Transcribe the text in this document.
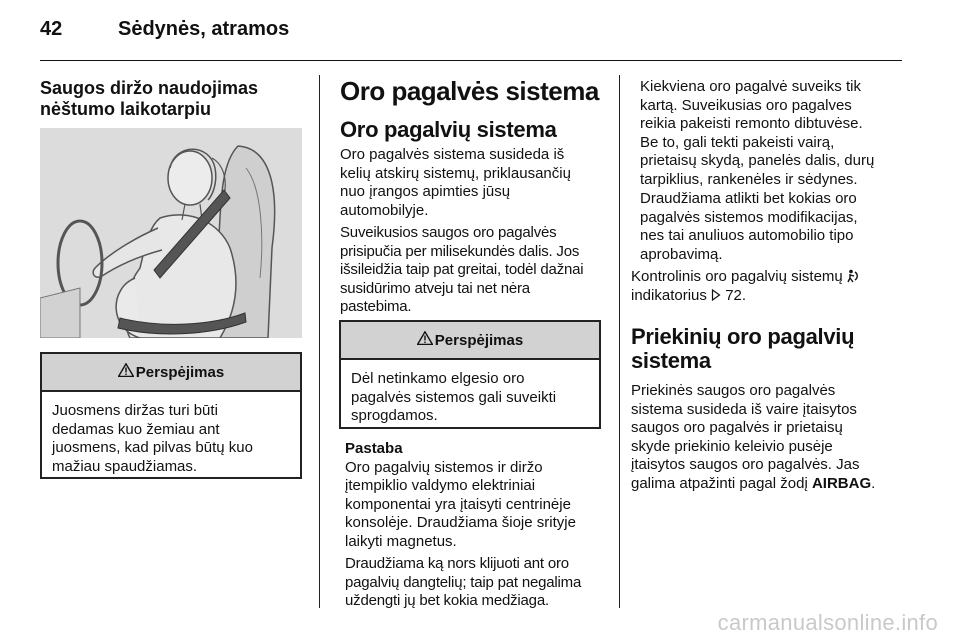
42	Sėdynės, atramos
Saugos diržo naudojimas
nėštumo laikotarpiu
Perspėjimas
Juosmens diržas turi būti
dedamas kuo žemiau ant
juosmens, kad pilvas būtų kuo
mažiau spaudžiamas.
Oro pagalvės sistema
Oro pagalvių sistema
Oro pagalvės sistema susideda iš
kelių atskirų sistemų, priklausančių
nuo įrangos apimties jūsų
automobilyje.
Suveikusios saugos oro pagalvės
prisipučia per milisekundės dalis. Jos
išsileidžia taip pat greitai, todėl dažnai
susidūrimo atveju tai net nėra
pastebima.
Perspėjimas
Dėl netinkamo elgesio oro
pagalvės sistemos gali suveikti
sprogdamos.
Pastaba
Oro pagalvių sistemos ir diržo
įtempiklio valdymo elektriniai
komponentai yra įtaisyti centrinėje
konsolėje. Draudžiama šioje srityje
laikyti magnetus.
Draudžiama ką nors klijuoti ant oro
pagalvių dangtelių; taip pat negalima
uždengti jų bet kokia medžiaga.
Kiekviena oro pagalvė suveiks tik
kartą. Suveikusias oro pagalves
reikia pakeisti remonto dibtuvėse.
Be to, gali tekti pakeisti vairą,
prietaisų skydą, panelės dalis, durų
tarpiklius, rankenėles ir sėdynes.
Draudžiama atlikti bet kokias oro
pagalvės sistemos modifikacijas,
nes tai anuliuos automobilio tipo
aprobavimą.
Kontrolinis oro pagalvių sistemų
indikatorius 72.
Priekinių oro pagalvių
sistema
Priekinės saugos oro pagalvės
sistema susideda iš vaire įtaisytos
saugos oro pagalvės ir prietaisų
skyde priekinio keleivio pusėje
įtaisytos saugos oro pagalvės. Jas
galima atpažinti pagal žodį AIRBAG.
carmanualsonline.info
